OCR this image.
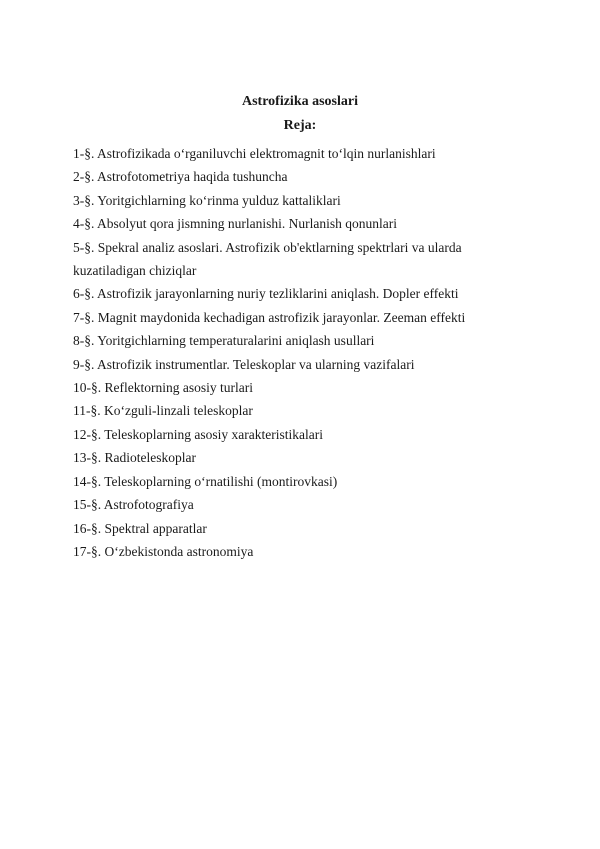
Astrofizika asoslari
Reja:
1-§. Astrofizikada o‘rganiluvchi elektromagnit to‘lqin nurlanishlari
2-§. Astrofotometriya haqida tushuncha
3-§. Yoritgichlarning ko‘rinma yulduz kattaliklari
4-§. Absolyut qora jismning nurlanishi. Nurlanish qonunlari
5-§. Spekral analiz asoslari. Astrofizik ob'ektlarning spektrlari va ularda kuzatiladigan chiziqlar
6-§. Astrofizik jarayonlarning nuriy tezliklarini aniqlash. Dopler effekti
7-§. Magnit maydonida kechadigan astrofizik jarayonlar. Zeeman effekti
8-§. Yoritgichlarning temperaturalarini aniqlash usullari
9-§. Astrofizik instrumentlar. Teleskoplar va ularning vazifalari
10-§. Reflektorning asosiy turlari
11-§. Ko‘zguli-linzali teleskoplar
12-§. Teleskoplarning asosiy xarakteristikalari
13-§. Radioteleskoplar
14-§. Teleskoplarning o‘rnatilishi (montirovkasi)
15-§. Astrofotografiya
16-§. Spektral apparatlar
17-§. O‘zbekistonda astronomiya
